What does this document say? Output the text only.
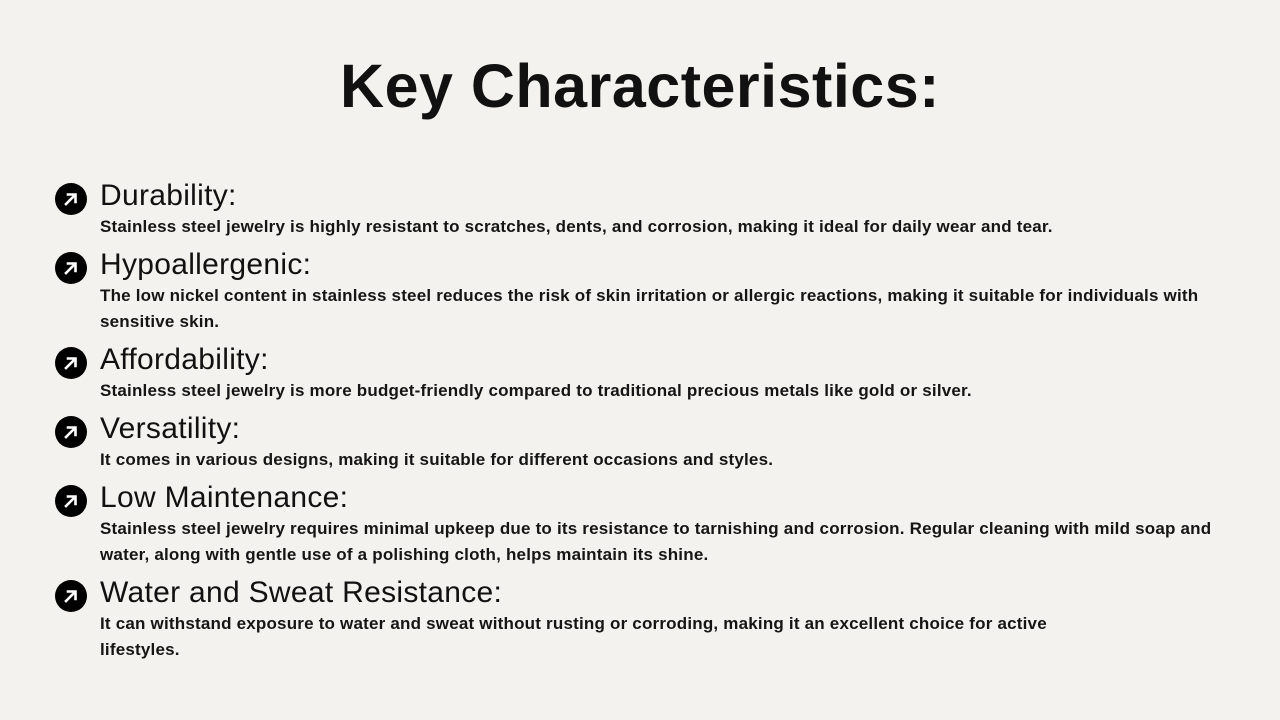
Key Characteristics:

Durability:

Stainless steel jewelry is highly resistant to scratches, dents, and corrosion, making it ideal for daily wear and tear.

Hypoallergenic:

The low nickel content in stainless steel reduces the risk of skin irritation or allergic reactions, making it suitable for individuals with sensitive skin.

Affordability:

Stainless steel jewelry is more budget-friendly compared to traditional precious metals like gold or silver.

Versatility:

It comes in various designs, making it suitable for different occasions and styles.

Low Maintenance:

Stainless steel jewelry requires minimal upkeep due to its resistance to tarnishing and corrosion. Regular cleaning with mild soap and water, along with gentle use of a polishing cloth, helps maintain its shine.

Water and Sweat Resistance:

It can withstand exposure to water and sweat without rusting or corroding, making it an excellent choice for active lifestyles.
